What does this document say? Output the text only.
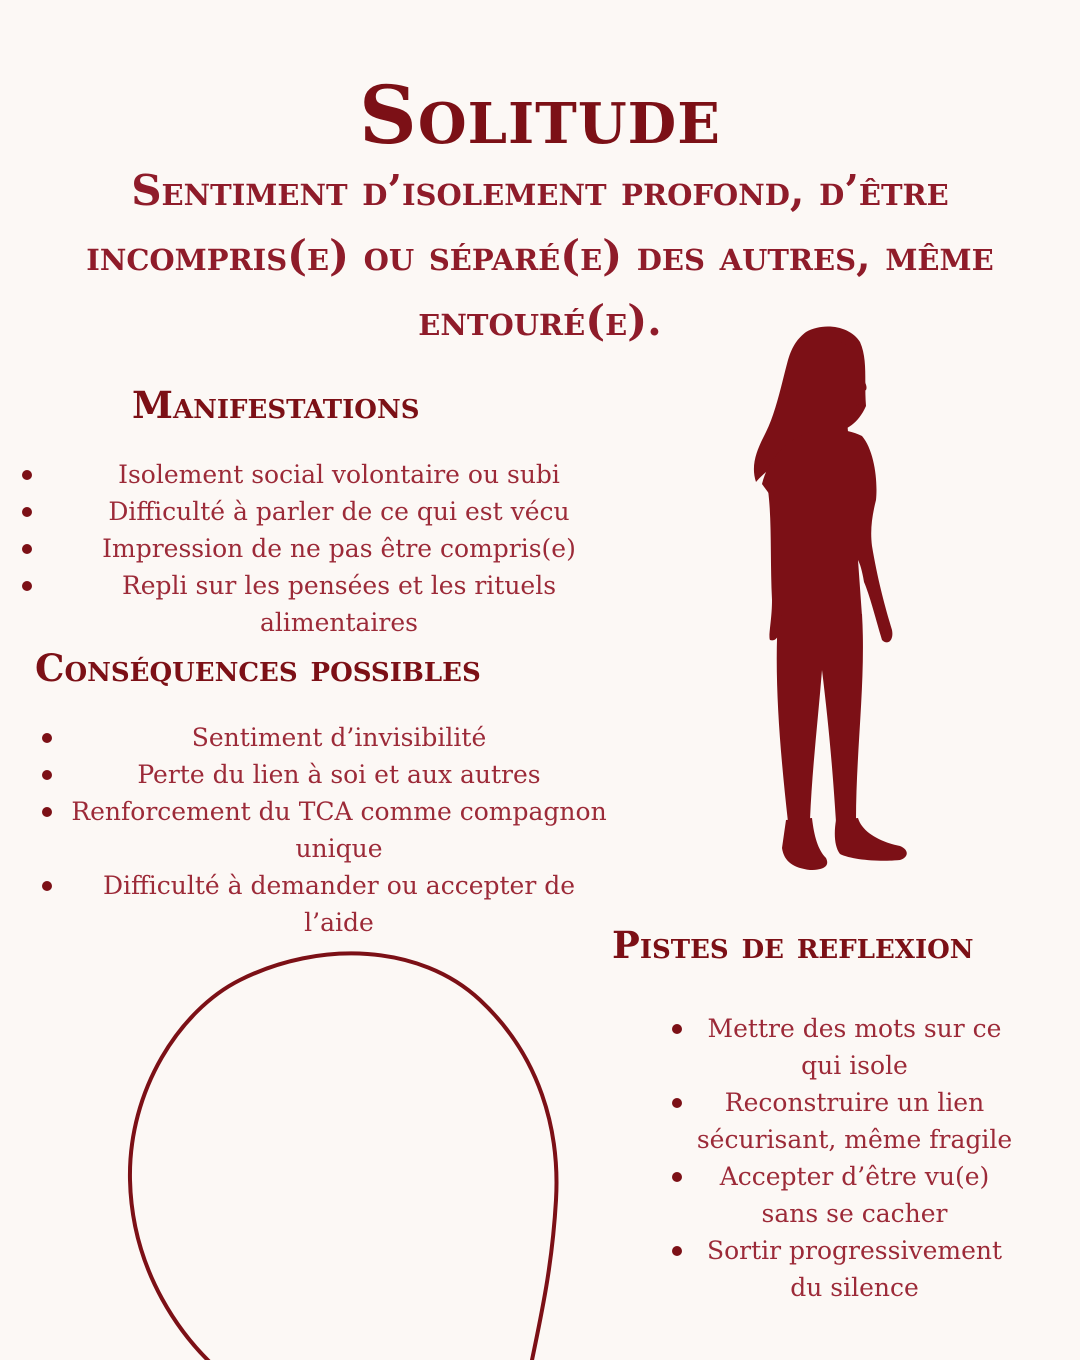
Solitude

Sentiment d’isolement profond, d’être incompris(e) ou séparé(e) des autres, même entouré(e).

Manifestations
Isolement social volontaire ou subi
Difficulté à parler de ce qui est vécu
Impression de ne pas être compris(e)
Repli sur les pensées et les rituels alimentaires
Conséquences possibles
Sentiment d’invisibilité
Perte du lien à soi et aux autres
Renforcement du TCA comme compagnon unique
Difficulté à demander ou accepter de l’aide
Pistes de reflexion
Mettre des mots sur ce qui isole
Reconstruire un lien sécurisant, même fragile
Accepter d’être vu(e) sans se cacher
Sortir progressivement du silence
